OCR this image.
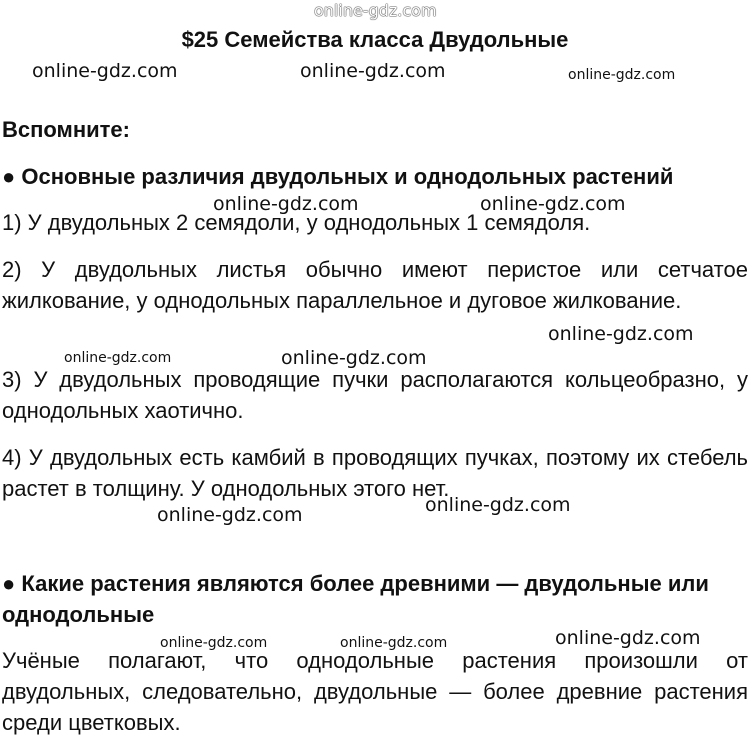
online-gdz.com
$25 Семейства класса Двудольные
online-gdz.com	online-gdz.com	online-gdz.com
Вспомните:
● Основные различия двудольных и однодольных растений
online-gdz.com	online-gdz.com
1) У двудольных 2 семядоли, у однодольных 1 семядоля.
2) У двудольных листья обычно имеют перистое или сетчатое жилкование, у однодольных параллельное и дуговое жилкование.
online-gdz.com
online-gdz.com	online-gdz.com
3) У двудольных проводящие пучки располагаются кольцеобразно, у однодольных хаотично.
4) У двудольных есть камбий в проводящих пучках, поэтому их стебель растет в толщину. У однодольных этого нет.
online-gdz.com
online-gdz.com
● Какие растения являются более древними — двудольные или однодольные
online-gdz.com	online-gdz.com	online-gdz.com
Учёные полагают, что однодольные растения произошли от двудольных, следовательно, двудольные — более древние растения среди цветковых.
